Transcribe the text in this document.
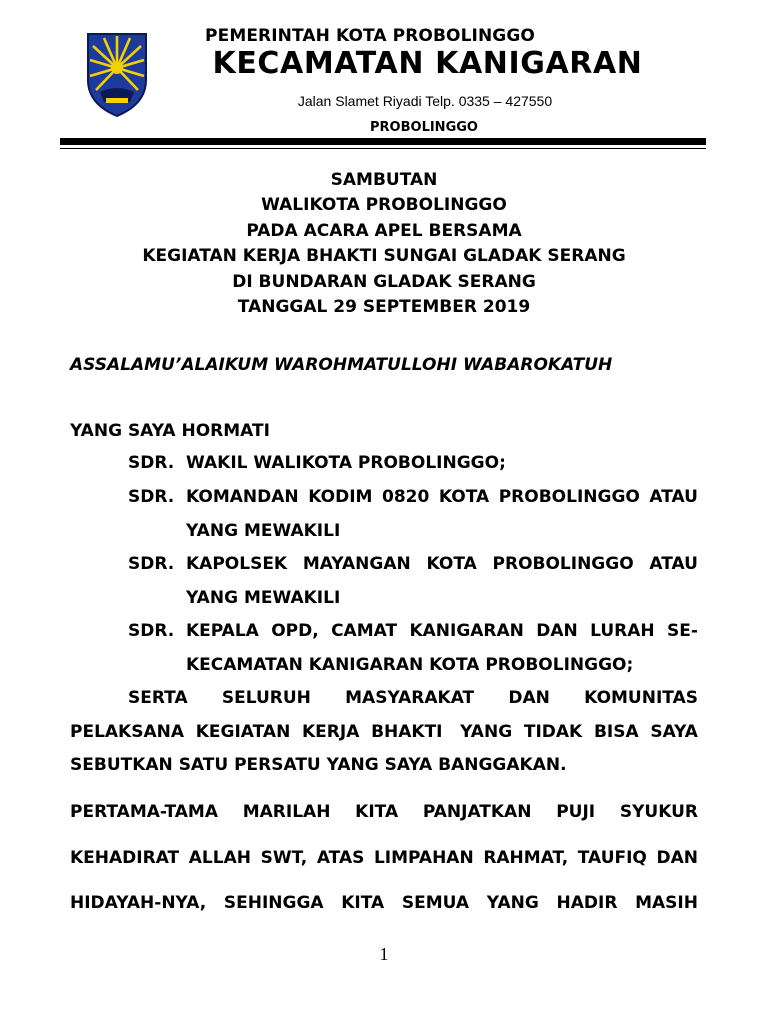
PEMERINTAH KOTA PROBOLINGGO
KECAMATAN KANIGARAN
Jalan Slamet Riyadi Telp. 0335 – 427550
PROBOLINGGO
SAMBUTAN
WALIKOTA PROBOLINGGO
PADA ACARA APEL BERSAMA
KEGIATAN KERJA BHAKTI SUNGAI GLADAK SERANG
DI BUNDARAN GLADAK SERANG
TANGGAL 29 SEPTEMBER 2019
ASSALAMU’ALAIKUM WAROHMATULLOHI WABAROKATUH
YANG SAYA HORMATI
SDR. WAKIL WALIKOTA PROBOLINGGO;
SDR. KOMANDAN KODIM 0820 KOTA PROBOLINGGO ATAU
YANG MEWAKILI
SDR. KAPOLSEK MAYANGAN KOTA PROBOLINGGO ATAU
YANG MEWAKILI
SDR. KEPALA OPD, CAMAT KANIGARAN DAN LURAH SE-
KECAMATAN KANIGARAN KOTA PROBOLINGGO;
SERTA SELURUH MASYARAKAT DAN KOMUNITAS
PELAKSANA KEGIATAN KERJA BHAKTI YANG TIDAK BISA SAYA
SEBUTKAN SATU PERSATU YANG SAYA BANGGAKAN.
PERTAMA-TAMA MARILAH KITA PANJATKAN PUJI SYUKUR
KEHADIRAT ALLAH SWT, ATAS LIMPAHAN RAHMAT, TAUFIQ DAN
HIDAYAH-NYA, SEHINGGA KITA SEMUA YANG HADIR MASIH
1
